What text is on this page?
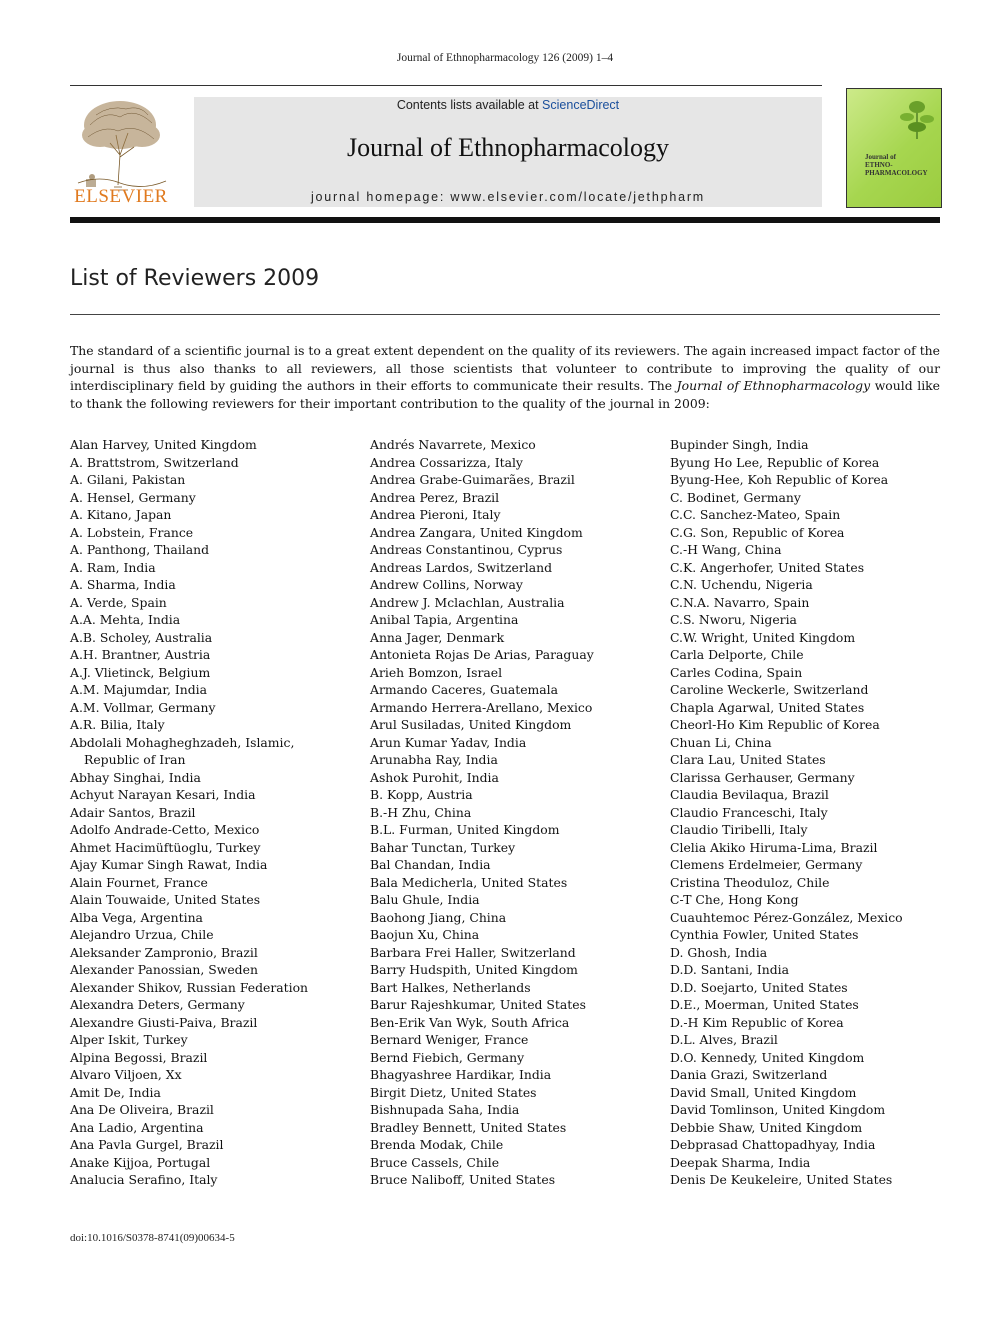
Journal of Ethnopharmacology 126 (2009) 1–4
ELSEVIER
Contents lists available at ScienceDirect
Journal of Ethnopharmacology
journal homepage: www.elsevier.com/locate/jethpharm
Journal of
ETHNO-
PHARMACOLOGY
List of Reviewers 2009

The standard of a scientific journal is to a great extent dependent on the quality of its reviewers. The again increased impact factor of the journal is thus also thanks to all reviewers, all those scientists that volunteer to contribute to improving the quality of our interdisciplinary field by guiding the authors in their efforts to communicate their results. The Journal of Ethnopharmacology would like to thank the following reviewers for their important contribution to the quality of the journal in 2009:

Alan Harvey, United Kingdom
A. Brattstrom, Switzerland
A. Gilani, Pakistan
A. Hensel, Germany
A. Kitano, Japan
A. Lobstein, France
A. Panthong, Thailand
A. Ram, India
A. Sharma, India
A. Verde, Spain
A.A. Mehta, India
A.B. Scholey, Australia
A.H. Brantner, Austria
A.J. Vlietinck, Belgium
A.M. Majumdar, India
A.M. Vollmar, Germany
A.R. Bilia, Italy
Abdolali Mohagheghzadeh, Islamic,
Republic of Iran
Abhay Singhai, India
Achyut Narayan Kesari, India
Adair Santos, Brazil
Adolfo Andrade-Cetto, Mexico
Ahmet Hacimüftüoglu, Turkey
Ajay Kumar Singh Rawat, India
Alain Fournet, France
Alain Touwaide, United States
Alba Vega, Argentina
Alejandro Urzua, Chile
Aleksander Zampronio, Brazil
Alexander Panossian, Sweden
Alexander Shikov, Russian Federation
Alexandra Deters, Germany
Alexandre Giusti-Paiva, Brazil
Alper Iskit, Turkey
Alpina Begossi, Brazil
Alvaro Viljoen, Xx
Amit De, India
Ana De Oliveira, Brazil
Ana Ladio, Argentina
Ana Pavla Gurgel, Brazil
Anake Kijjoa, Portugal
Analucia Serafino, Italy
Andrés Navarrete, Mexico
Andrea Cossarizza, Italy
Andrea Grabe-Guimarães, Brazil
Andrea Perez, Brazil
Andrea Pieroni, Italy
Andrea Zangara, United Kingdom
Andreas Constantinou, Cyprus
Andreas Lardos, Switzerland
Andrew Collins, Norway
Andrew J. Mclachlan, Australia
Anibal Tapia, Argentina
Anna Jager, Denmark
Antonieta Rojas De Arias, Paraguay
Arieh Bomzon, Israel
Armando Caceres, Guatemala
Armando Herrera-Arellano, Mexico
Arul Susiladas, United Kingdom
Arun Kumar Yadav, India
Arunabha Ray, India
Ashok Purohit, India
B. Kopp, Austria
B.-H Zhu, China
B.L. Furman, United Kingdom
Bahar Tunctan, Turkey
Bal Chandan, India
Bala Medicherla, United States
Balu Ghule, India
Baohong Jiang, China
Baojun Xu, China
Barbara Frei Haller, Switzerland
Barry Hudspith, United Kingdom
Bart Halkes, Netherlands
Barur Rajeshkumar, United States
Ben-Erik Van Wyk, South Africa
Bernard Weniger, France
Bernd Fiebich, Germany
Bhagyashree Hardikar, India
Birgit Dietz, United States
Bishnupada Saha, India
Bradley Bennett, United States
Brenda Modak, Chile
Bruce Cassels, Chile
Bruce Naliboff, United States
Bupinder Singh, India
Byung Ho Lee, Republic of Korea
Byung-Hee, Koh Republic of Korea
C. Bodinet, Germany
C.C. Sanchez-Mateo, Spain
C.G. Son, Republic of Korea
C.-H Wang, China
C.K. Angerhofer, United States
C.N. Uchendu, Nigeria
C.N.A. Navarro, Spain
C.S. Nworu, Nigeria
C.W. Wright, United Kingdom
Carla Delporte, Chile
Carles Codina, Spain
Caroline Weckerle, Switzerland
Chapla Agarwal, United States
Cheorl-Ho Kim Republic of Korea
Chuan Li, China
Clara Lau, United States
Clarissa Gerhauser, Germany
Claudia Bevilaqua, Brazil
Claudio Franceschi, Italy
Claudio Tiribelli, Italy
Clelia Akiko Hiruma-Lima, Brazil
Clemens Erdelmeier, Germany
Cristina Theoduloz, Chile
C-T Che, Hong Kong
Cuauhtemoc Pérez-González, Mexico
Cynthia Fowler, United States
D. Ghosh, India
D.D. Santani, India
D.D. Soejarto, United States
D.E., Moerman, United States
D.-H Kim Republic of Korea
D.L. Alves, Brazil
D.O. Kennedy, United Kingdom
Dania Grazi, Switzerland
David Small, United Kingdom
David Tomlinson, United Kingdom
Debbie Shaw, United Kingdom
Debprasad Chattopadhyay, India
Deepak Sharma, India
Denis De Keukeleire, United States
doi:10.1016/S0378-8741(09)00634-5
